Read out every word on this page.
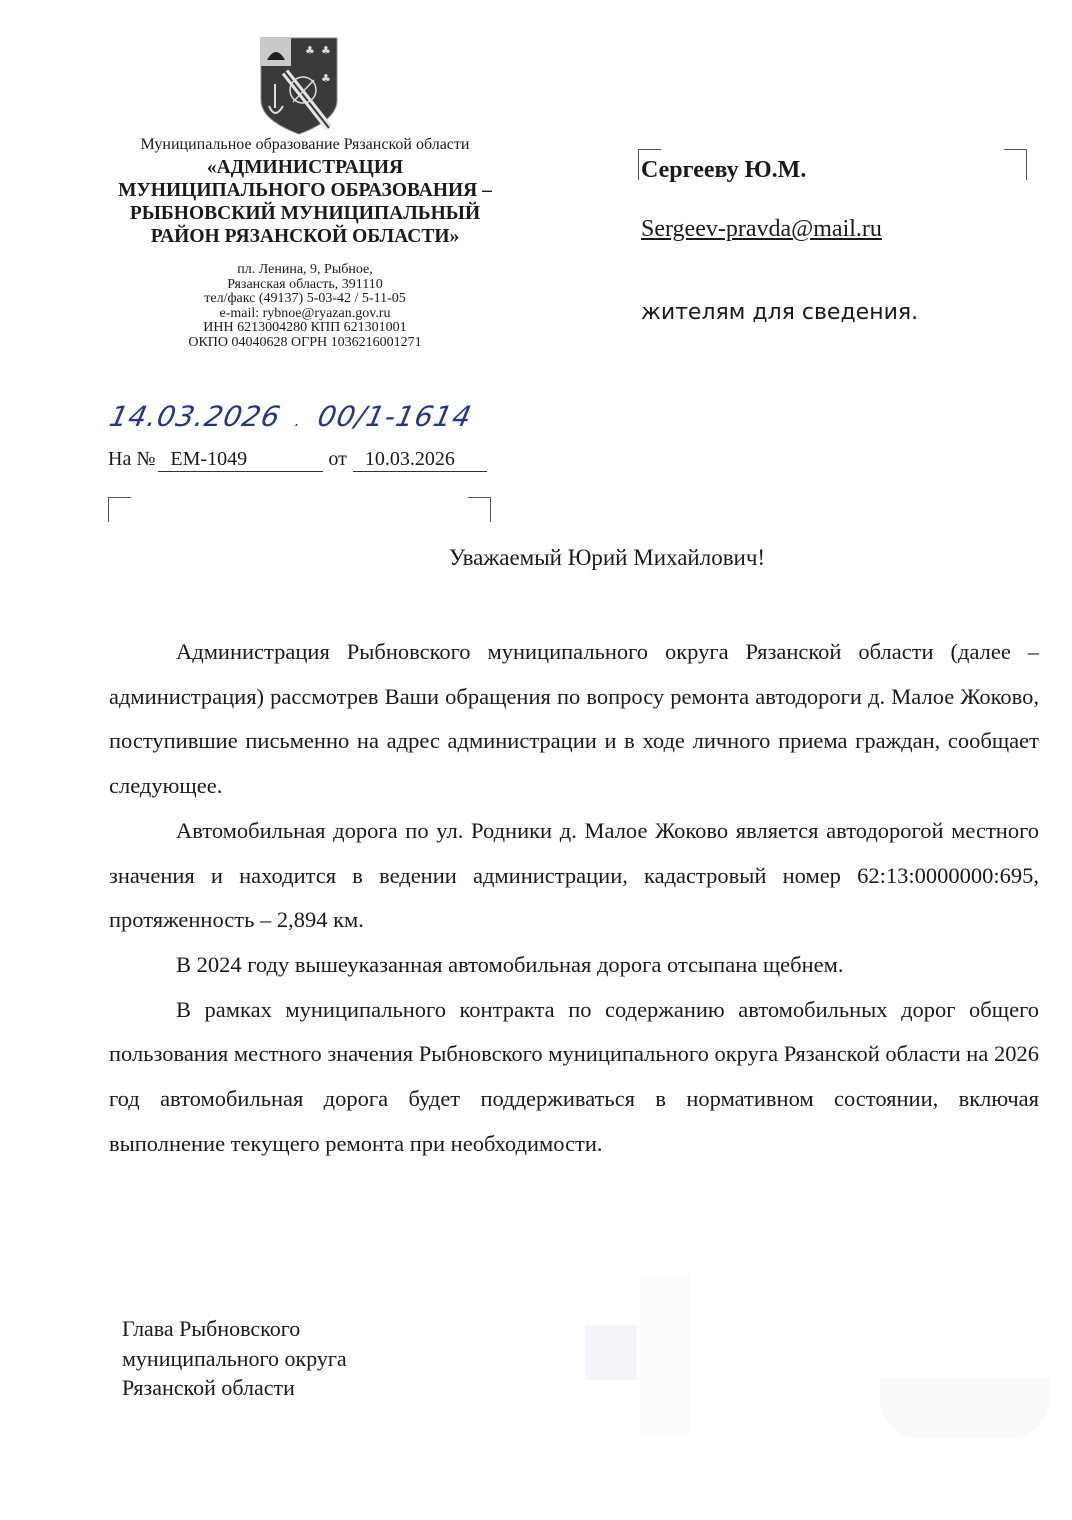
♣ ♣
♣
Муниципальное образование Рязанской области
«АДМИНИСТРАЦИЯ
МУНИЦИПАЛЬНОГО ОБРАЗОВАНИЯ –
РЫБНОВСКИЙ МУНИЦИПАЛЬНЫЙ
РАЙОН РЯЗАНСКОЙ ОБЛАСТИ»
пл. Ленина, 9, Рыбное,
Рязанская область, 391110
тел/факс (49137) 5-03-42 / 5-11-05
e-mail: rybnoe@ryazan.gov.ru
ИНН 6213004280 КПП 621301001
ОКПО 04040628 ОГРН 1036216001271
14.03.2026 . 00/1-1614
На № ЕМ-1049	от 10.03.2026
Сергееву Ю.М.
Sergeev-pravda@mail.ru
жителям для сведения.
Уважаемый Юрий Михайлович!

Администрация Рыбновского муниципального округа Рязанской области (далее – администрация) рассмотрев Ваши обращения по вопросу ремонта автодороги д. Малое Жоково, поступившие письменно на адрес администрации и в ходе личного приема граждан, сообщает следующее.

Автомобильная дорога по ул. Родники д. Малое Жоково является автодорогой местного значения и находится в ведении администрации, кадастровый номер 62:13:0000000:695, протяженность – 2,894 км.

В 2024 году вышеуказанная автомобильная дорога отсыпана щебнем.

В рамках муниципального контракта по содержанию автомобильных дорог общего пользования местного значения Рыбновского муниципального округа Рязанской области на 2026 год автомобильная дорога будет поддерживаться в нормативном состоянии, включая выполнение текущего ремонта при необходимости.

Глава Рыбновского
муниципального округа
Рязанской области
